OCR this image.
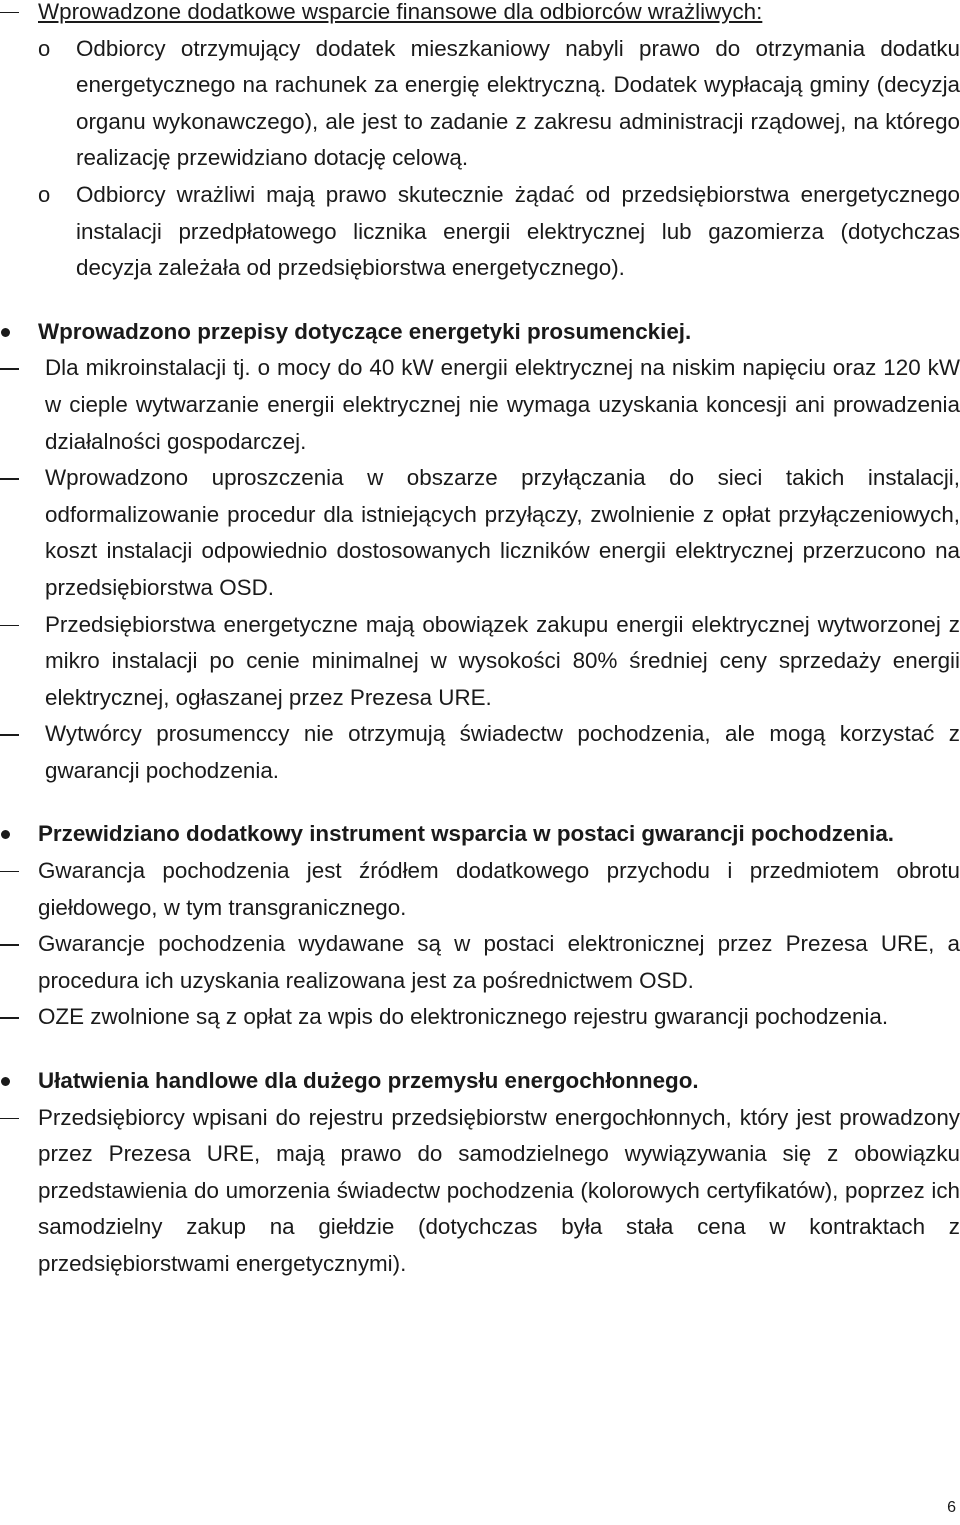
Wprowadzone dodatkowe wsparcie finansowe dla odbiorców wrażliwych:
o Odbiorcy otrzymujący dodatek mieszkaniowy nabyli prawo do otrzymania dodatku energetycznego na rachunek za energię elektryczną. Dodatek wypłacają gminy (decyzja organu wykonawczego), ale jest to zadanie z zakresu administracji rządowej, na którego realizację przewidziano dotację celową.
o Odbiorcy wrażliwi mają prawo skutecznie żądać od przedsiębiorstwa energetycznego instalacji przedpłatowego licznika energii elektrycznej lub gazomierza (dotychczas decyzja zależała od przedsiębiorstwa energetycznego).
Wprowadzono przepisy dotyczące energetyki prosumenckiej.
Dla mikroinstalacji tj. o mocy do 40 kW energii elektrycznej na niskim napięciu oraz 120 kW w cieple wytwarzanie energii elektrycznej nie wymaga uzyskania koncesji ani prowadzenia działalności gospodarczej.
Wprowadzono uproszczenia w obszarze przyłączania do sieci takich instalacji, odformalizowanie procedur dla istniejących przyłączy, zwolnienie z opłat przyłączeniowych, koszt instalacji odpowiednio dostosowanych liczników energii elektrycznej przerzucono na przedsiębiorstwa OSD.
Przedsiębiorstwa energetyczne mają obowiązek zakupu energii elektrycznej wytworzonej z mikro instalacji po cenie minimalnej w wysokości 80% średniej ceny sprzedaży energii elektrycznej, ogłaszanej przez Prezesa URE.
Wytwórcy prosumenccy nie otrzymują świadectw pochodzenia, ale mogą korzystać z gwarancji pochodzenia.
Przewidziano dodatkowy instrument wsparcia w postaci gwarancji pochodzenia.
Gwarancja pochodzenia jest źródłem dodatkowego przychodu i przedmiotem obrotu giełdowego, w tym transgranicznego.
Gwarancje pochodzenia wydawane są w postaci elektronicznej przez Prezesa URE, a procedura ich uzyskania realizowana jest za pośrednictwem OSD.
OZE zwolnione są z opłat za wpis do elektronicznego rejestru gwarancji pochodzenia.
Ułatwienia handlowe dla dużego przemysłu energochłonnego.
Przedsiębiorcy wpisani do rejestru przedsiębiorstw energochłonnych, który jest prowadzony przez Prezesa URE, mają prawo do samodzielnego wywiązywania się z obowiązku przedstawienia do umorzenia świadectw pochodzenia (kolorowych certyfikatów), poprzez ich samodzielny zakup na giełdzie (dotychczas była stała cena w kontraktach z przedsiębiorstwami energetycznymi).
6
